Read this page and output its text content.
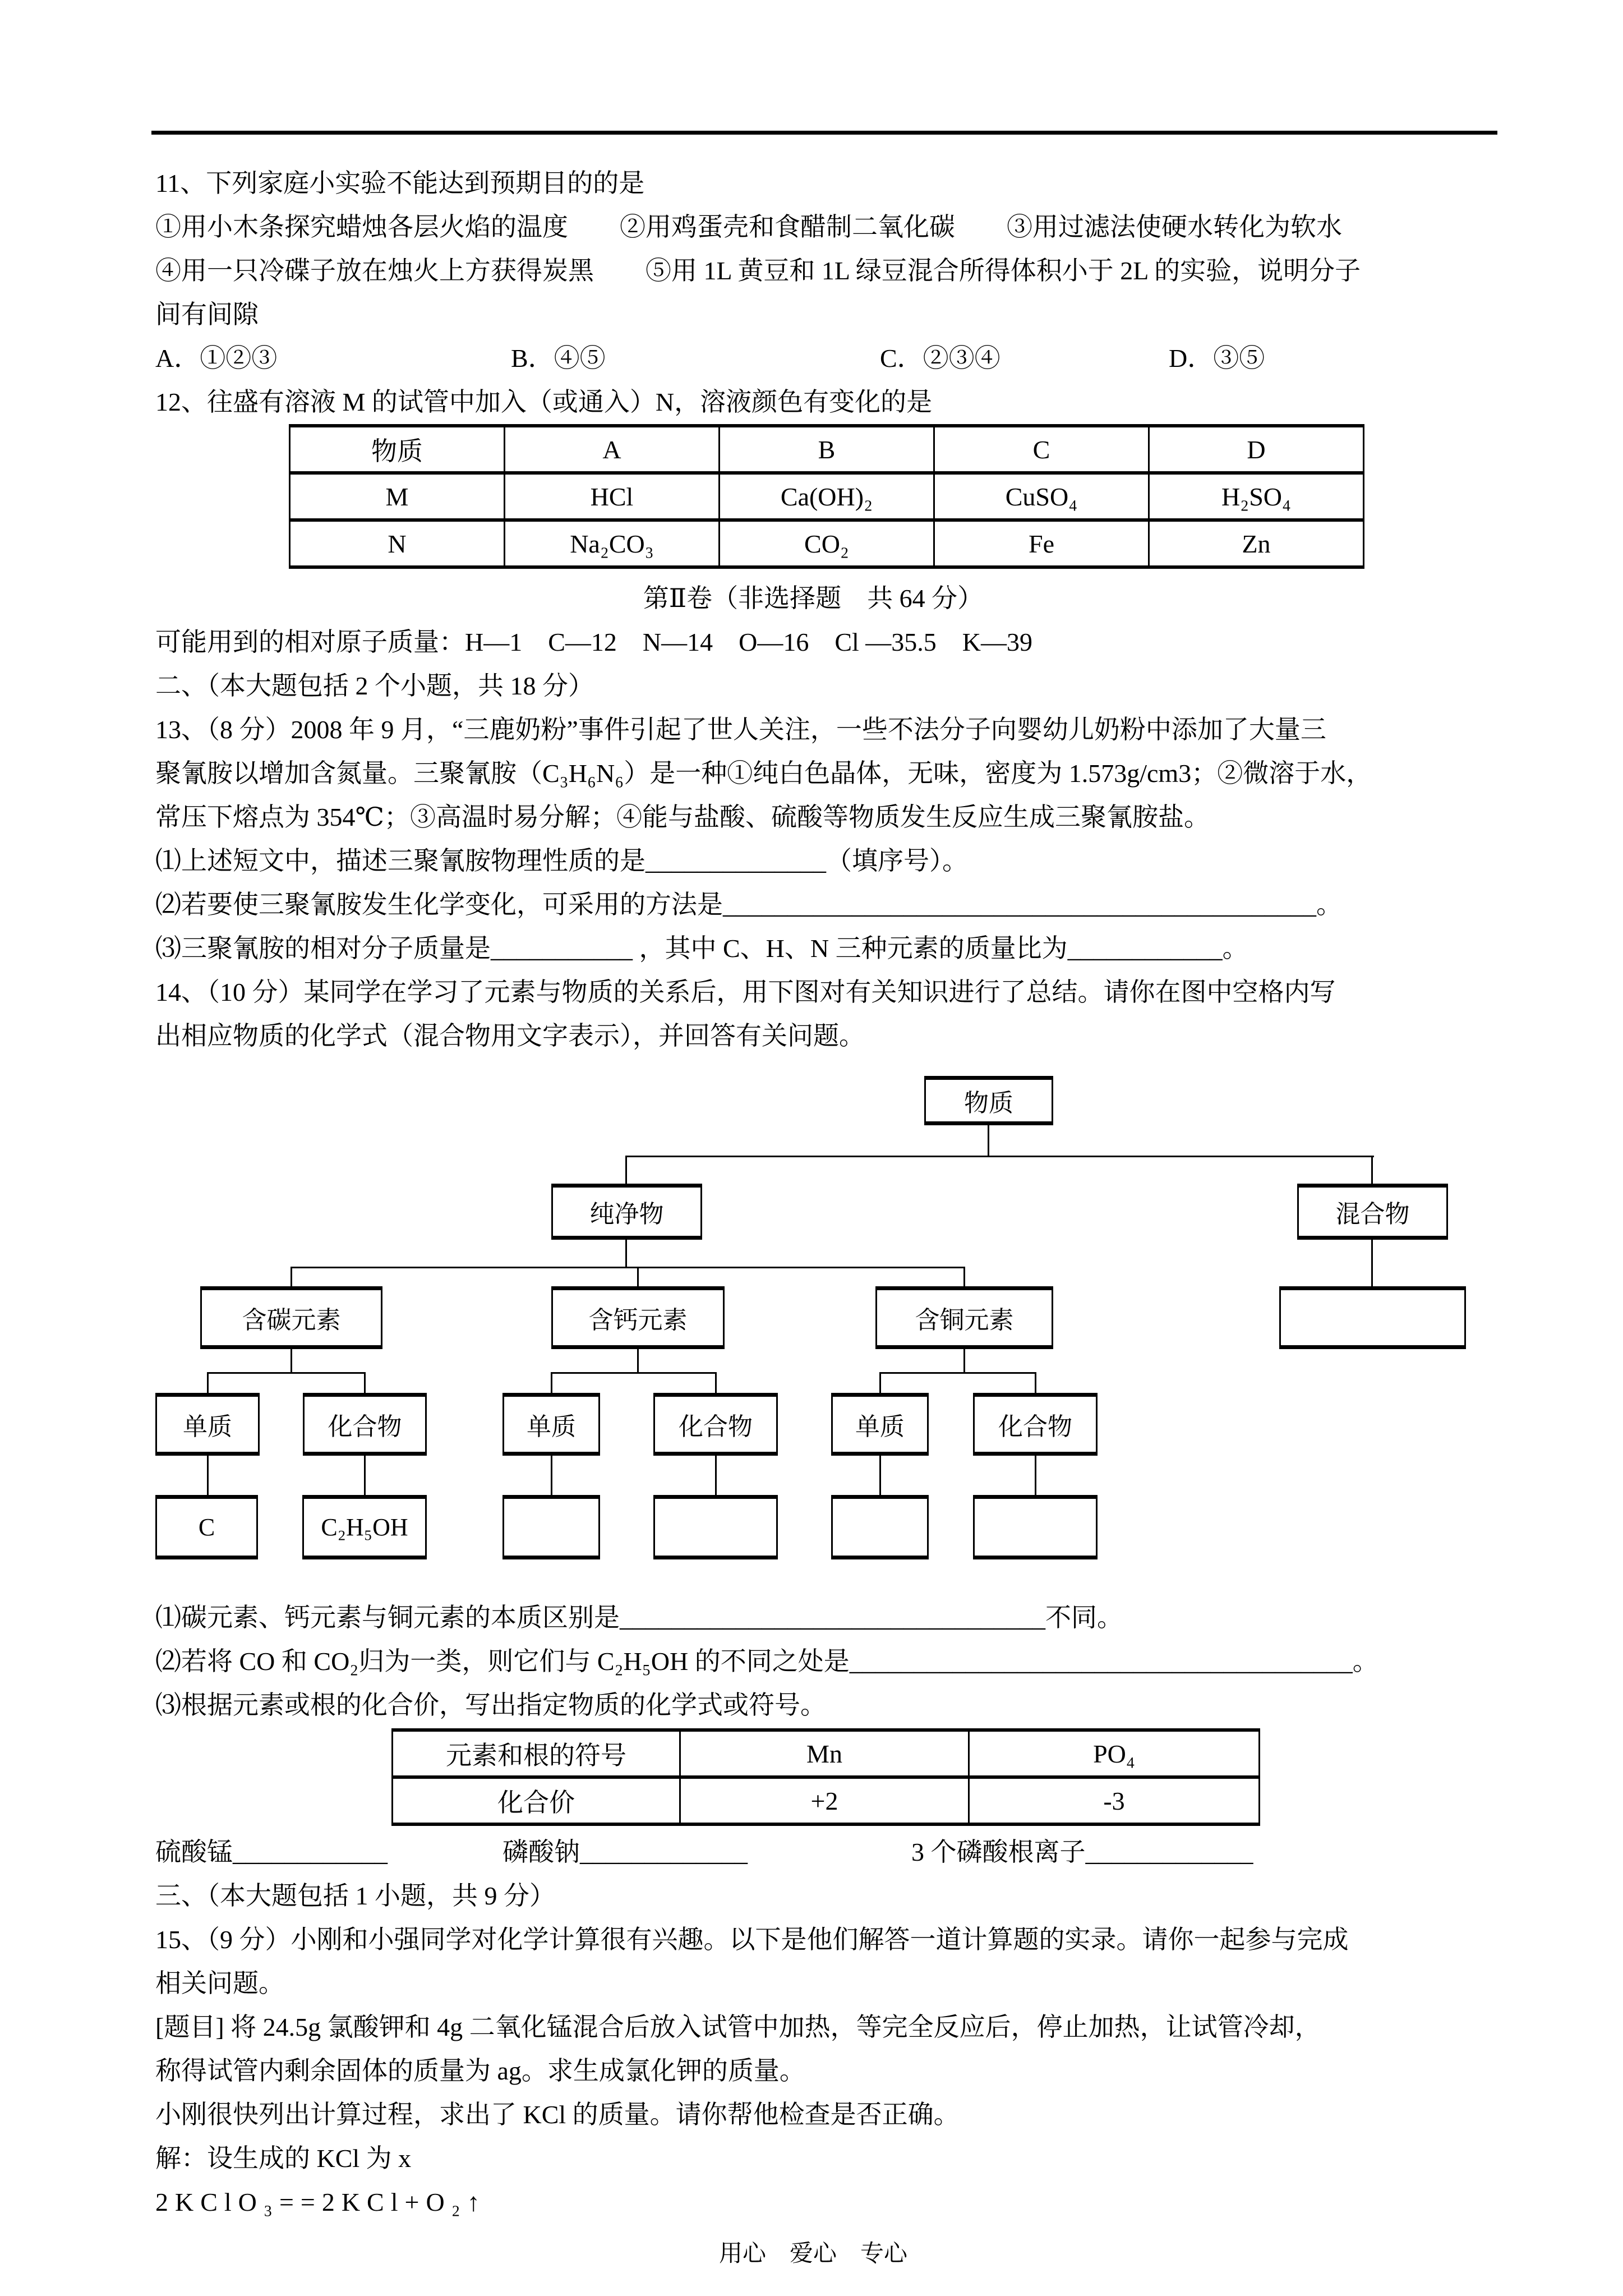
11、下列家庭小实验不能达到预期目的的是

①用小木条探究蜡烛各层火焰的温度　　②用鸡蛋壳和食醋制二氧化碳　　③用过滤法使硬水转化为软水

④用一只冷碟子放在烛火上方获得炭黑　　⑤用 1L 黄豆和 1L 绿豆混合所得体积小于 2L 的实验，说明分子

间有间隙

A．①②③	B．④⑤	C．②③④	D．③⑤

12、往盛有溶液 M 的试管中加入（或通入）N，溶液颜色有变化的是

物质	A	B	C	D
M	HCl	Ca(OH)₂	CuSO₄	H₂SO₄
N	Na₂CO₃	CO₂	Fe	Zn

第Ⅱ卷（非选择题　共 64 分）

可能用到的相对原子质量：H—1　C—12　N—14　O—16　Cl —35.5　K—39

二、（本大题包括 2 个小题，共 18 分）

13、（8 分）2008 年 9 月，“三鹿奶粉”事件引起了世人关注，一些不法分子向婴幼儿奶粉中添加了大量三

聚氰胺以增加含氮量。三聚氰胺（C₃H₆N₆）是一种①纯白色晶体，无味，密度为 1.573g/cm3；②微溶于水，

常压下熔点为 354℃；③高温时易分解；④能与盐酸、硫酸等物质发生反应生成三聚氰胺盐。

⑴上述短文中，描述三聚氰胺物理性质的是______________（填序号）。

⑵若要使三聚氰胺发生化学变化，可采用的方法是______________________________________________。

⑶三聚氰胺的相对分子质量是___________ ，其中 C、H、N 三种元素的质量比为____________。

14、（10 分）某同学在学习了元素与物质的关系后，用下图对有关知识进行了总结。请你在图中空格内写

出相应物质的化学式（混合物用文字表示），并回答有关问题。

物质
纯净物	混合物
含碳元素	含钙元素	含铜元素
单质	化合物	单质	化合物	单质	化合物
C	C₂H₅OH

⑴碳元素、钙元素与铜元素的本质区别是_________________________________不同。

⑵若将 CO 和 CO₂归为一类，则它们与 C₂H₅OH 的不同之处是_______________________________________。

⑶根据元素或根的化合价，写出指定物质的化学式或符号。

元素和根的符号	Mn	PO₄
化合价	+2	-3
硫酸锰____________	磷酸钠_____________	3 个磷酸根离子_____________

三、（本大题包括 1 小题，共 9 分）

15、（9 分）小刚和小强同学对化学计算很有兴趣。以下是他们解答一道计算题的实录。请你一起参与完成

相关问题。

[题目] 将 24.5g 氯酸钾和 4g 二氧化锰混合后放入试管中加热，等完全反应后，停止加热，让试管冷却，

称得试管内剩余固体的质量为 ag。求生成氯化钾的质量。

小刚很快列出计算过程，求出了 KCl 的质量。请你帮他检查是否正确。

解：设生成的 KCl 为 x

2KClO₃==2KCl+O₂↑

用心　爱心　专心
